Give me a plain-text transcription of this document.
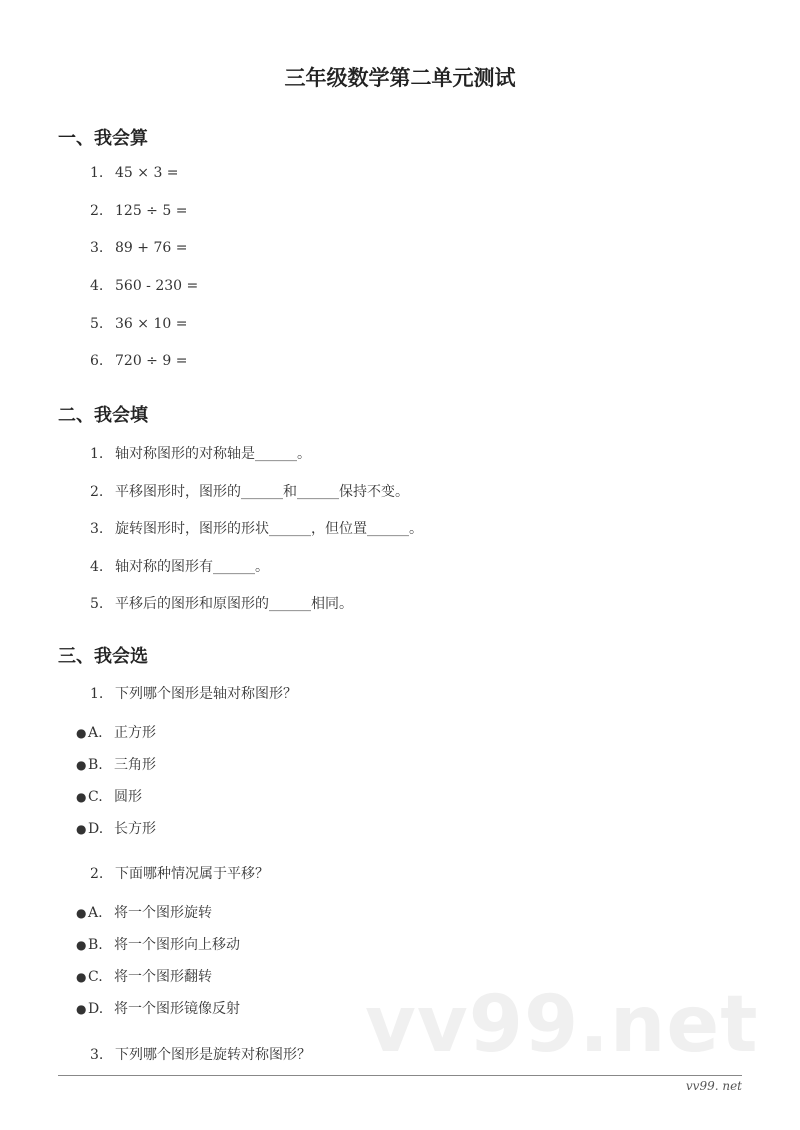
三年级数学第二单元测试
一、我会算
1. 45 × 3 =
2. 125 ÷ 5 =
3. 89 + 76 =
4. 560 - 230 =
5. 36 × 10 =
6. 720 ÷ 9 =
二、我会填
1. 轴对称图形的对称轴是______。
2. 平移图形时，图形的______和______保持不变。
3. 旋转图形时，图形的形状______，但位置______。
4. 轴对称的图形有______。
5. 平移后的图形和原图形的______相同。
三、我会选
1. 下列哪个图形是轴对称图形？
● A. 正方形
● B. 三角形
● C. 圆形
● D. 长方形
2. 下面哪种情况属于平移？
● A. 将一个图形旋转
● B. 将一个图形向上移动
● C. 将一个图形翻转
● D. 将一个图形镜像反射 vv99.net
3. 下列哪个图形是旋转对称图形？
vv99. net
